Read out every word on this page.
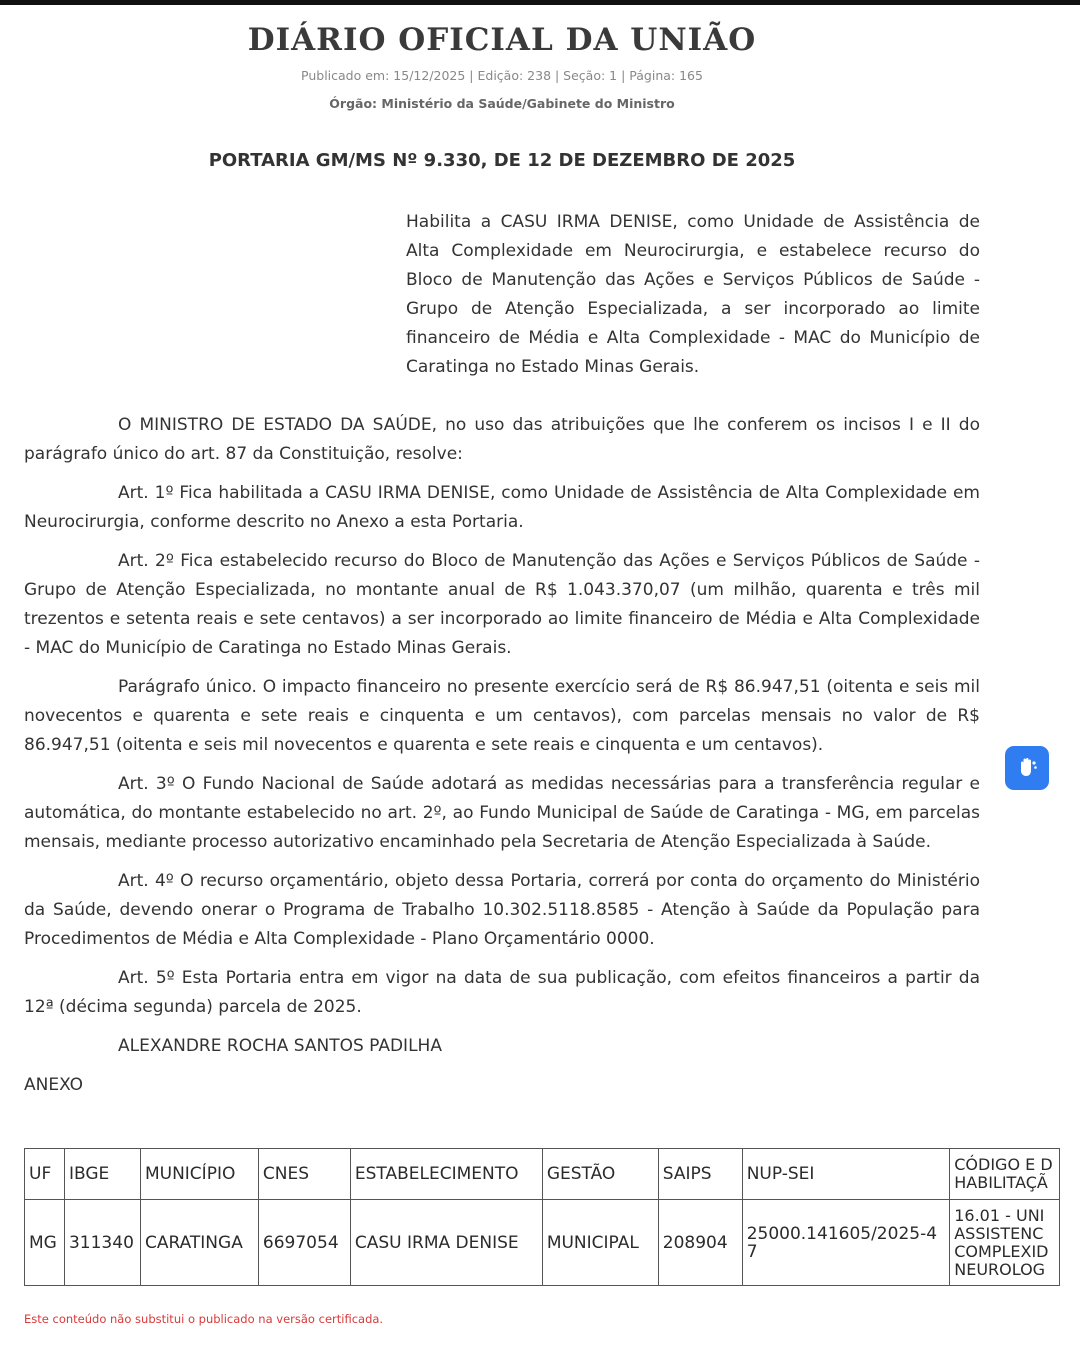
DIÁRIO OFICIAL DA UNIÃO
Publicado em: 15/12/2025 | Edição: 238 | Seção: 1 | Página: 165
Órgão: Ministério da Saúde/Gabinete do Ministro
PORTARIA GM/MS Nº 9.330, DE 12 DE DEZEMBRO DE 2025
Habilita a CASU IRMA DENISE, como Unidade de Assistência de Alta Complexidade em Neurocirurgia, e estabelece recurso do Bloco de Manutenção das Ações e Serviços Públicos de Saúde - Grupo de Atenção Especializada, a ser incorporado ao limite financeiro de Média e Alta Complexidade - MAC do Município de Caratinga no Estado Minas Gerais.

O MINISTRO DE ESTADO DA SAÚDE, no uso das atribuições que lhe conferem os incisos I e II do parágrafo único do art. 87 da Constituição, resolve:

Art. 1º Fica habilitada a CASU IRMA DENISE, como Unidade de Assistência de Alta Complexidade em Neurocirurgia, conforme descrito no Anexo a esta Portaria.

Art. 2º Fica estabelecido recurso do Bloco de Manutenção das Ações e Serviços Públicos de Saúde - Grupo de Atenção Especializada, no montante anual de R$ 1.043.370,07 (um milhão, quarenta e três mil trezentos e setenta reais e sete centavos) a ser incorporado ao limite financeiro de Média e Alta Complexidade - MAC do Município de Caratinga no Estado Minas Gerais.

Parágrafo único. O impacto financeiro no presente exercício será de R$ 86.947,51 (oitenta e seis mil novecentos e quarenta e sete reais e cinquenta e um centavos), com parcelas mensais no valor de R$ 86.947,51 (oitenta e seis mil novecentos e quarenta e sete reais e cinquenta e um centavos).

Art. 3º O Fundo Nacional de Saúde adotará as medidas necessárias para a transferência regular e automática, do montante estabelecido no art. 2º, ao Fundo Municipal de Saúde de Caratinga - MG, em parcelas mensais, mediante processo autorizativo encaminhado pela Secretaria de Atenção Especializada à Saúde.

Art. 4º O recurso orçamentário, objeto dessa Portaria, correrá por conta do orçamento do Ministério da Saúde, devendo onerar o Programa de Trabalho 10.302.5118.8585 - Atenção à Saúde da População para Procedimentos de Média e Alta Complexidade - Plano Orçamentário 0000.

Art. 5º Esta Portaria entra em vigor na data de sua publicação, com efeitos financeiros a partir da 12ª (décima segunda) parcela de 2025.

ALEXANDRE ROCHA SANTOS PADILHA

ANEXO

UF	IBGE	MUNICÍPIO	CNES	ESTABELECIMENTO	GESTÃO	SAIPS	NUP-SEI	CÓDIGO E D HABILITAÇÃ
MG	311340	CARATINGA	6697054	CASU IRMA DENISE	MUNICIPAL	208904	25000.141605/2025-47	16.01 - UNI ASSISTENC COMPLEXID NEUROLOG
Este conteúdo não substitui o publicado na versão certificada.
